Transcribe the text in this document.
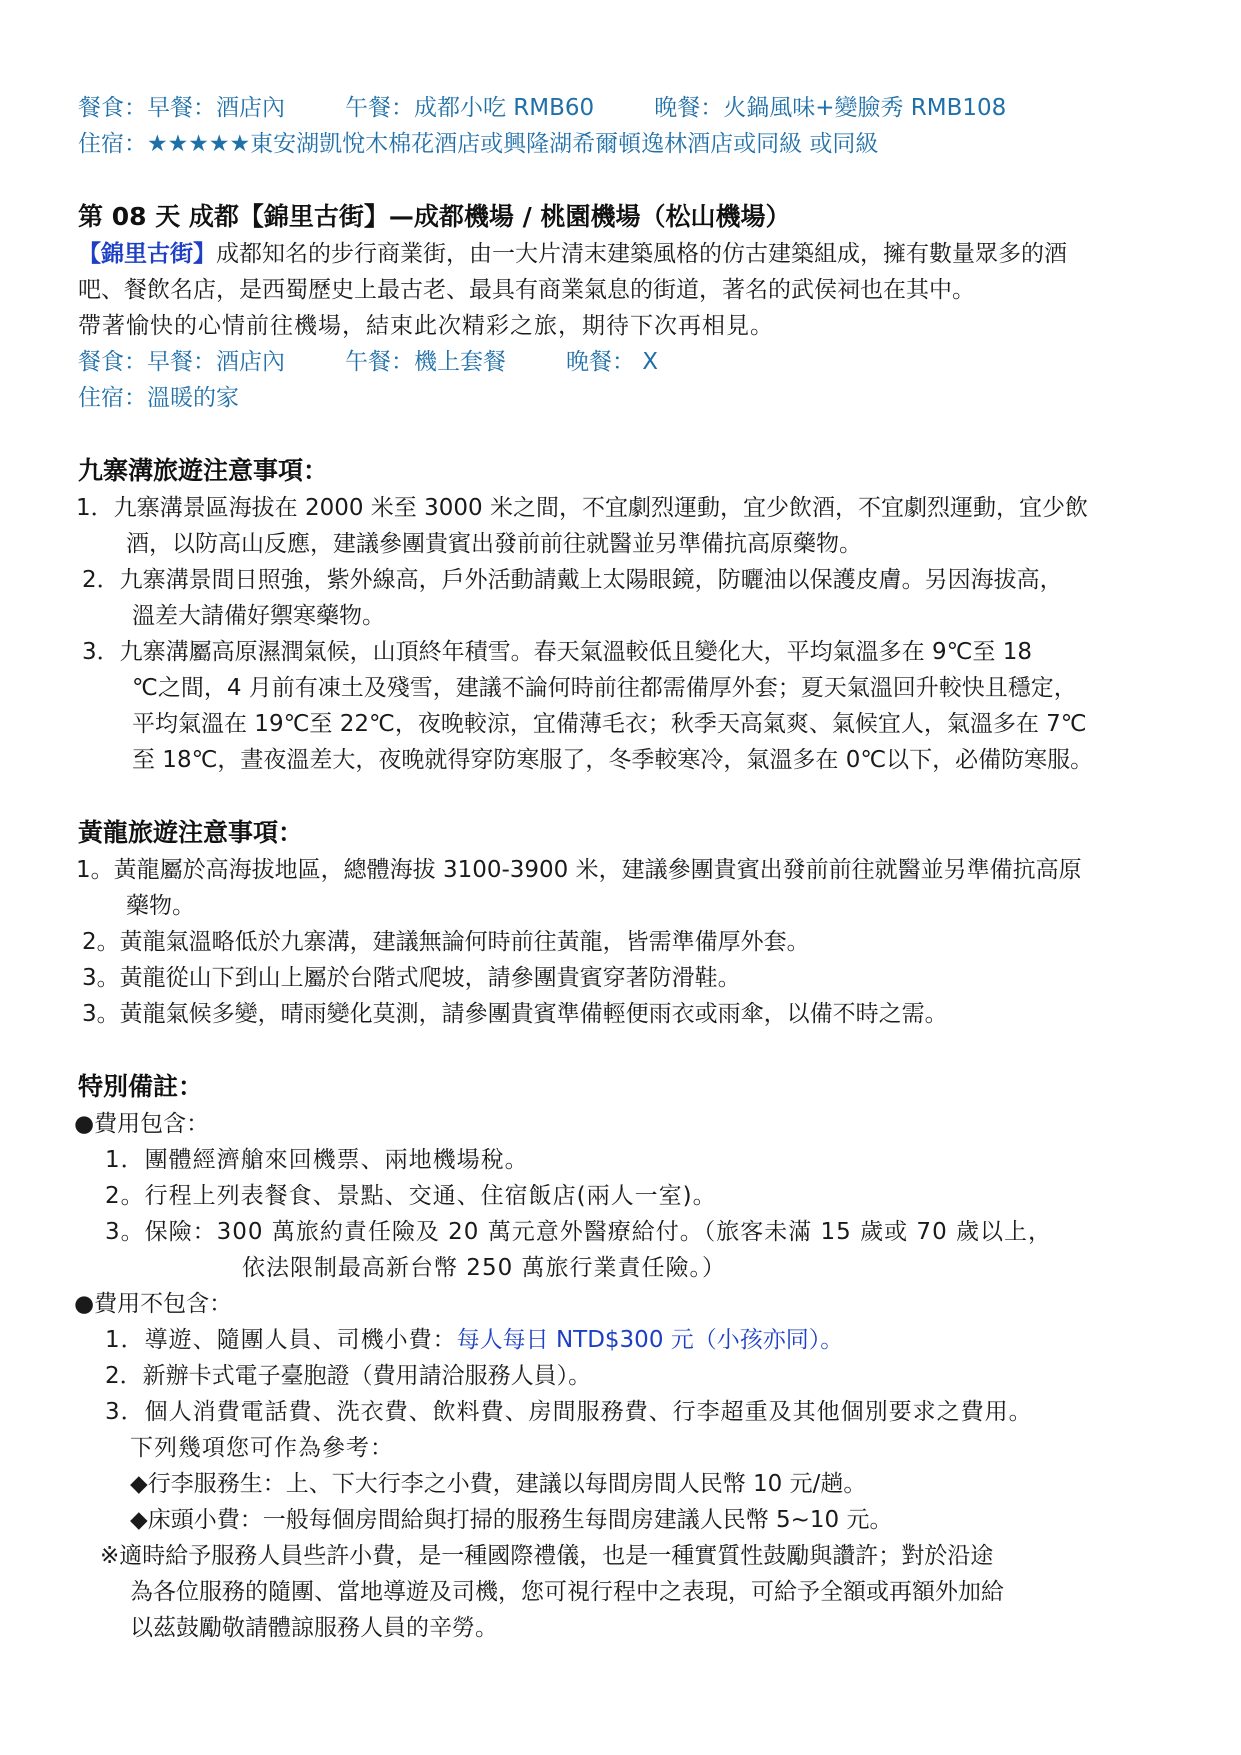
餐食：早餐：酒店內	午餐：成都小吃 RMB60	晚餐：火鍋風味+變臉秀 RMB108
住宿：★★★★★東安湖凱悅木棉花酒店或興隆湖希爾頓逸林酒店或同級 或同級
第 08 天 成都【錦里古街】—成都機場 / 桃園機場（松山機場）
【錦里古街】成都知名的步行商業街，由一大片清末建築風格的仿古建築組成，擁有數量眾多的酒
吧、餐飲名店，是西蜀歷史上最古老、最具有商業氣息的街道，著名的武侯祠也在其中。
帶著愉快的心情前往機場，結束此次精彩之旅，期待下次再相見。
餐食：早餐：酒店內	午餐：機上套餐	晚餐： X
住宿：溫暖的家
九寨溝旅遊注意事項：
1．九寨溝景區海拔在 2000 米至 3000 米之間，不宜劇烈運動，宜少飲酒，不宜劇烈運動，宜少飲
酒，以防高山反應，建議參團貴賓出發前前往就醫並另準備抗高原藥物。
2．九寨溝景間日照強，紫外線高，戶外活動請戴上太陽眼鏡，防曬油以保護皮膚。另因海拔高，
溫差大請備好禦寒藥物。
3．九寨溝屬高原濕潤氣候，山頂終年積雪。春天氣溫較低且變化大，平均氣溫多在 9℃至 18
℃之間，4 月前有凍土及殘雪，建議不論何時前往都需備厚外套；夏天氣溫回升較快且穩定，
平均氣溫在 19℃至 22℃，夜晚較涼，宜備薄毛衣；秋季天高氣爽、氣候宜人，氣溫多在 7℃
至 18℃，晝夜溫差大，夜晚就得穿防寒服了，冬季較寒冷，氣溫多在 0℃以下，必備防寒服。
黃龍旅遊注意事項：
1。黃龍屬於高海拔地區，總體海拔 3100-3900 米，建議參團貴賓出發前前往就醫並另準備抗高原
藥物。
2。黃龍氣溫略低於九寨溝，建議無論何時前往黃龍，皆需準備厚外套。
3。黃龍從山下到山上屬於台階式爬坡，請參團貴賓穿著防滑鞋。
3。黃龍氣候多變，晴雨變化莫測，請參團貴賓準備輕便雨衣或雨傘，以備不時之需。
特別備註：
●費用包含：
1．團體經濟艙來回機票、兩地機場稅。
2。行程上列表餐食、景點、交通、住宿飯店(兩人一室)。
3。保險：300 萬旅約責任險及 20 萬元意外醫療給付。（旅客未滿 15 歲或 70 歲以上，
依法限制最高新台幣 250 萬旅行業責任險。）
●費用不包含：
1．導遊、隨團人員、司機小費：每人每日 NTD$300 元（小孩亦同）。
2．新辦卡式電子臺胞證（費用請洽服務人員）。
3．個人消費電話費、洗衣費、飲料費、房間服務費、行李超重及其他個別要求之費用。
下列幾項您可作為參考：
◆行李服務生：上、下大行李之小費，建議以每間房間人民幣 10 元/趟。
◆床頭小費：一般每個房間給與打掃的服務生每間房建議人民幣 5~10 元。
※適時給予服務人員些許小費，是一種國際禮儀，也是一種實質性鼓勵與讚許；對於沿途
為各位服務的隨團、當地導遊及司機，您可視行程中之表現，可給予全額或再額外加給
以茲鼓勵敬請體諒服務人員的辛勞。
